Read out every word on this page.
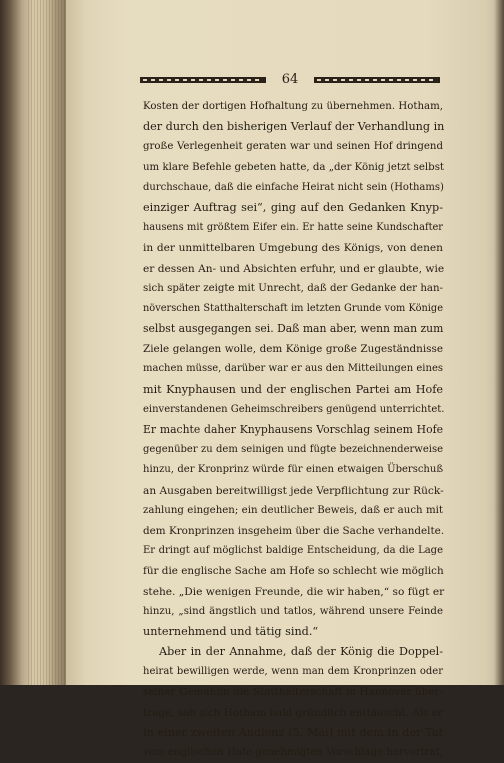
64
Kosten der dortigen Hofhaltung zu übernehmen. Hotham,
der durch den bisherigen Verlauf der Verhandlung in
große Verlegenheit geraten war und seinen Hof dringend
um klare Befehle gebeten hatte, da „der König jetzt selbst
durchschaue, daß die einfache Heirat nicht sein (Hothams)
einziger Auftrag sei“, ging auf den Gedanken Knyp-
hausens mit größtem Eifer ein. Er hatte seine Kundschafter
in der unmittelbaren Umgebung des Königs, von denen
er dessen An- und Absichten erfuhr, und er glaubte, wie
sich später zeigte mit Unrecht, daß der Gedanke der han-
növerschen Statthalterschaft im letzten Grunde vom Könige
selbst ausgegangen sei. Daß man aber, wenn man zum
Ziele gelangen wolle, dem Könige große Zugeständnisse
machen müsse, darüber war er aus den Mitteilungen eines
mit Knyphausen und der englischen Partei am Hofe
einverstandenen Geheimschreibers genügend unterrichtet.
Er machte daher Knyphausens Vorschlag seinem Hofe
gegenüber zu dem seinigen und fügte bezeichnenderweise
hinzu, der Kronprinz würde für einen etwaigen Überschuß
an Ausgaben bereitwilligst jede Verpflichtung zur Rück-
zahlung eingehen; ein deutlicher Beweis, daß er auch mit
dem Kronprinzen insgeheim über die Sache verhandelte.
Er dringt auf möglichst baldige Entscheidung, da die Lage
für die englische Sache am Hofe so schlecht wie möglich
stehe. „Die wenigen Freunde, die wir haben,“ so fügt er
hinzu, „sind ängstlich und tatlos, während unsere Feinde
unternehmend und tätig sind.“
Aber in der Annahme, daß der König die Doppel-
heirat bewilligen werde, wenn man dem Kronprinzen oder
seiner Gemahlin die Statthalterschaft in Hannover über-
trage, sah sich Hotham bald gründlich enttäuscht. Als er
in einer zweiten Audienz (5. Mai) mit dem in der Tat
vom englischen Hofe genehmigten Vorschlage hervortrat,
